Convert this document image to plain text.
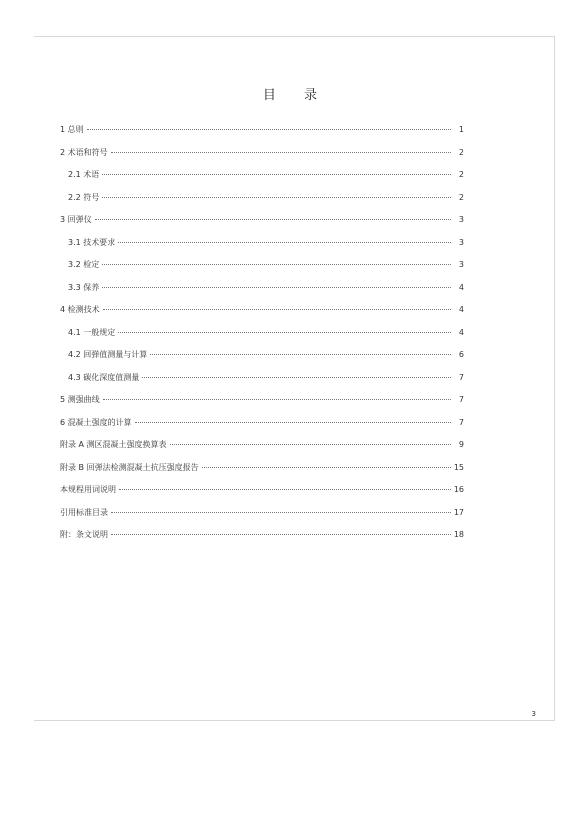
目 录
1 总则	1
2 术语和符号	2
2.1 术语	2
2.2 符号	2
3 回弹仪	3
3.1 技术要求	3
3.2 检定	3
3.3 保养	4
4 检测技术	4
4.1 一般规定	4
4.2 回弹值测量与计算	6
4.3 碳化深度值测量	7
5 测强曲线	7
6 混凝土强度的计算	7
附录 A 测区混凝土强度换算表	9
附录 B 回弹法检测混凝土抗压强度报告	15
本规程用词说明	16
引用标准目录	17
附：条文说明	18
3
